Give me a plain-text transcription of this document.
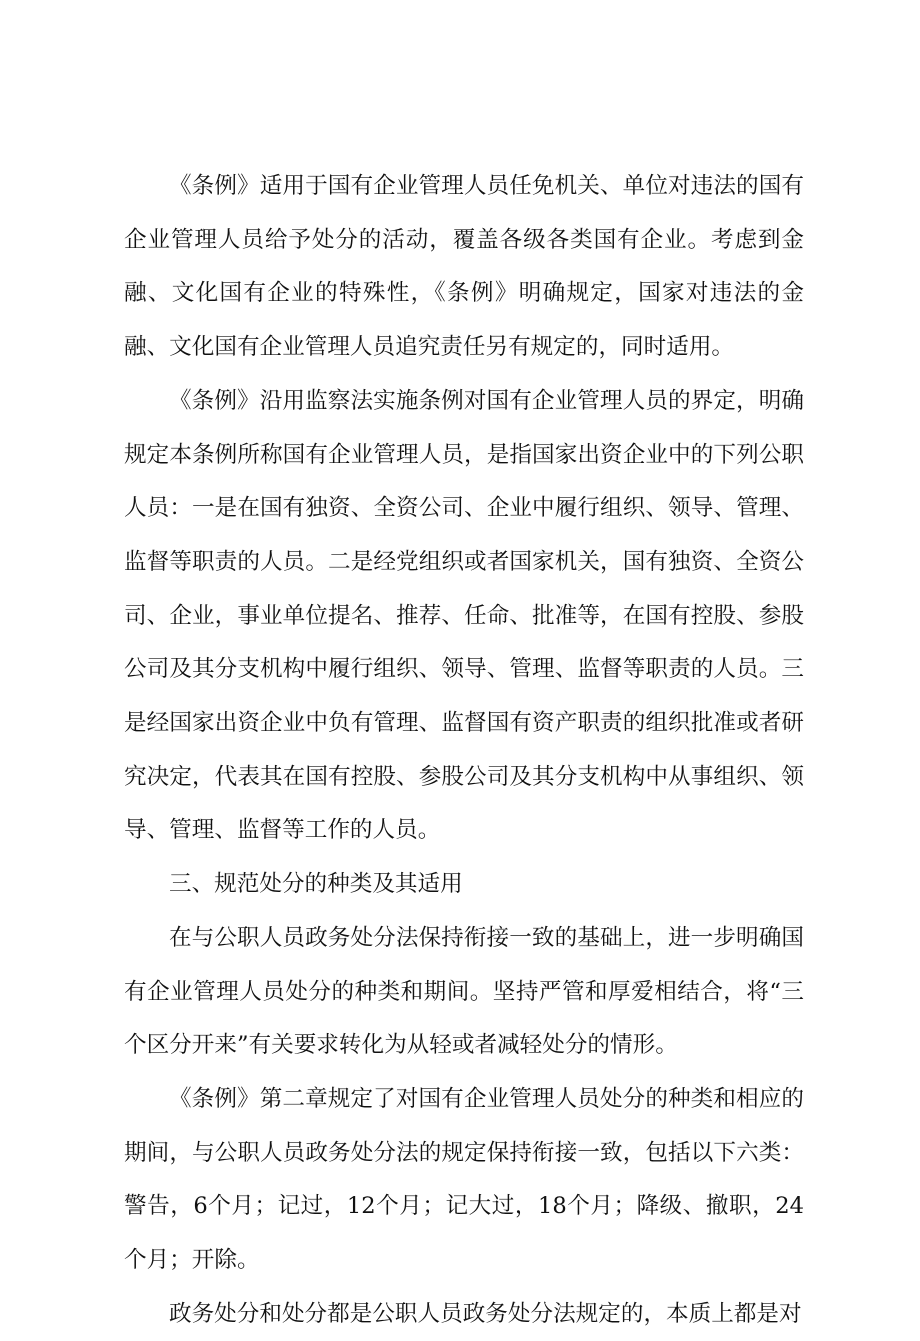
《条例》适用于国有企业管理人员任免机关、单位对违法的国有企业管理人员给予处分的活动，覆盖各级各类国有企业。考虑到金融、文化国有企业的特殊性，《条例》明确规定，国家对违法的金融、文化国有企业管理人员追究责任另有规定的，同时适用。

《条例》沿用监察法实施条例对国有企业管理人员的界定，明确规定本条例所称国有企业管理人员，是指国家出资企业中的下列公职人员：一是在国有独资、全资公司、企业中履行组织、领导、管理、监督等职责的人员。二是经党组织或者国家机关，国有独资、全资公司、企业，事业单位提名、推荐、任命、批准等，在国有控股、参股公司及其分支机构中履行组织、领导、管理、监督等职责的人员。三是经国家出资企业中负有管理、监督国有资产职责的组织批准或者研究决定，代表其在国有控股、参股公司及其分支机构中从事组织、领导、管理、监督等工作的人员。

三、规范处分的种类及其适用

在与公职人员政务处分法保持衔接一致的基础上，进一步明确国有企业管理人员处分的种类和期间。坚持严管和厚爱相结合，将“三个区分开来”有关要求转化为从轻或者减轻处分的情形。

《条例》第二章规定了对国有企业管理人员处分的种类和相应的期间，与公职人员政务处分法的规定保持衔接一致，包括以下六类：警告，6个月；记过，12个月；记大过，18个月；降级、撤职，24个月；开除。

政务处分和处分都是公职人员政务处分法规定的，本质上都是对
